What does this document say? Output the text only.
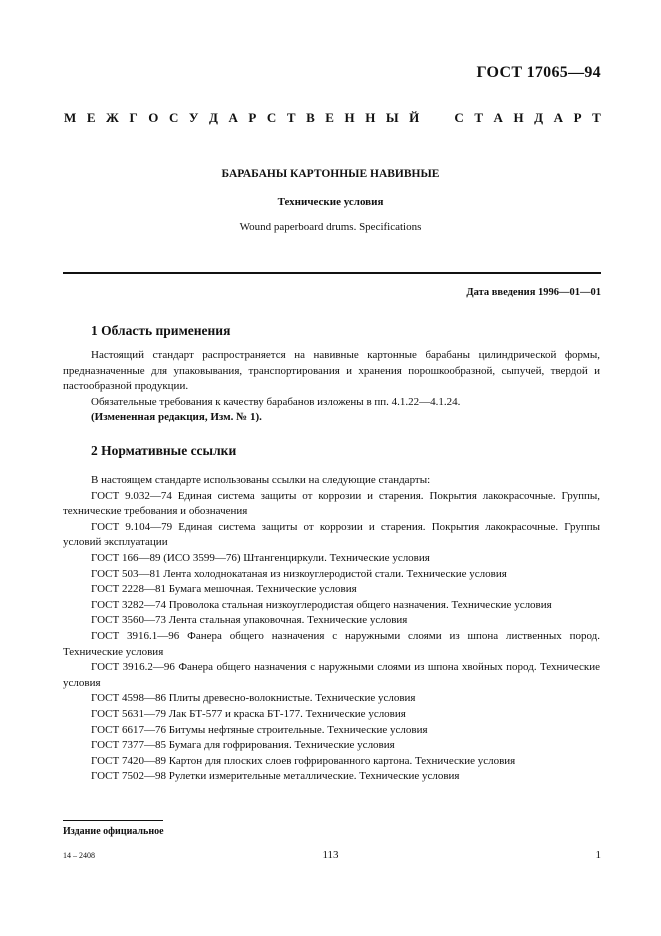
ГОСТ 17065—94
М Е Ж Г О С У Д А Р С Т В Е Н Н Ы Й	С Т А Н Д А Р Т
БАРАБАНЫ КАРТОННЫЕ НАВИВНЫЕ
Технические условия
Wound paperboard drums. Specifications
Дата введения 1996—01—01
1 Область применения

Настоящий стандарт распространяется на навивные картонные барабаны цилиндрической формы, предназначенные для упаковывания, транспортирования и хранения порошкообразной, сыпучей, твердой и пастообразной продукции.

Обязательные требования к качеству барабанов изложены в пп. 4.1.22—4.1.24.

(Измененная редакция, Изм. № 1).

2 Нормативные ссылки
В настоящем стандарте использованы ссылки на следующие стандарты:
ГОСТ 9.032—74 Единая система защиты от коррозии и старения. Покрытия лакокрасочные. Группы, технические требования и обозначения
ГОСТ 9.104—79 Единая система защиты от коррозии и старения. Покрытия лакокрасочные. Группы условий эксплуатации
ГОСТ 166—89 (ИСО 3599—76) Штангенциркули. Технические условия
ГОСТ 503—81 Лента холоднокатаная из низкоуглеродистой стали. Технические условия
ГОСТ 2228—81 Бумага мешочная. Технические условия
ГОСТ 3282—74 Проволока стальная низкоуглеродистая общего назначения. Технические условия
ГОСТ 3560—73 Лента стальная упаковочная. Технические условия
ГОСТ 3916.1—96 Фанера общего назначения с наружными слоями из шпона лиственных пород. Технические условия
ГОСТ 3916.2—96 Фанера общего назначения с наружными слоями из шпона хвойных пород. Технические условия
ГОСТ 4598—86 Плиты древесно-волокнистые. Технические условия
ГОСТ 5631—79 Лак БТ-577 и краска БТ-177. Технические условия
ГОСТ 6617—76 Битумы нефтяные строительные. Технические условия
ГОСТ 7377—85 Бумага для гофрирования. Технические условия
ГОСТ 7420—89 Картон для плоских слоев гофрированного картона. Технические условия
ГОСТ 7502—98 Рулетки измерительные металлические. Технические условия
Издание официальное
14 – 2408	113	1
